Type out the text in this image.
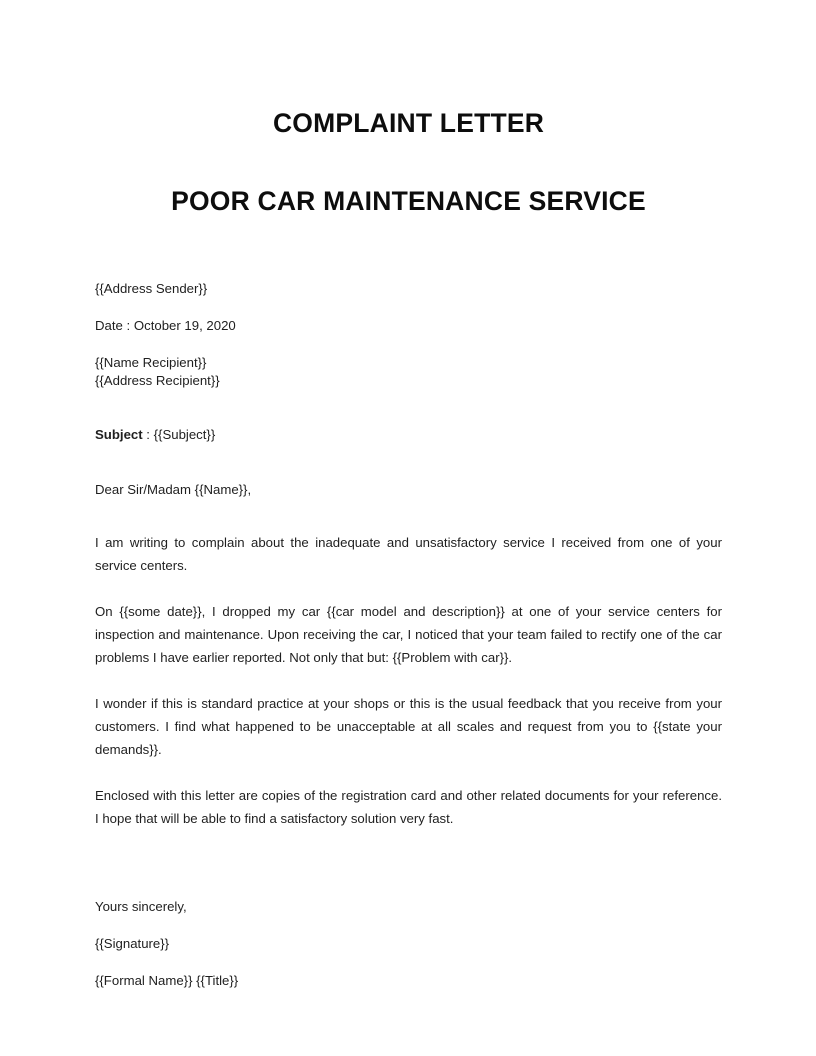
COMPLAINT LETTER
POOR CAR MAINTENANCE SERVICE

{{Address Sender}}

Date : October 19, 2020

{{Name Recipient}}

{{Address Recipient}}

Subject : {{Subject}}

Dear Sir/Madam {{Name}},

I am writing to complain about the inadequate and unsatisfactory service I received from one of your service centers.

On {{some date}}, I dropped my car {{car model and description}} at one of your service centers for inspection and maintenance. Upon receiving the car, I noticed that your team failed to rectify one of the car problems I have earlier reported. Not only that but: {{Problem with car}}.

I wonder if this is standard practice at your shops or this is the usual feedback that you receive from your customers. I find what happened to be unacceptable at all scales and request from you to {{state your demands}}.

Enclosed with this letter are copies of the registration card and other related documents for your reference. I hope that will be able to find a satisfactory solution very fast.

Yours sincerely,

{{Signature}}

{{Formal Name}} {{Title}}
